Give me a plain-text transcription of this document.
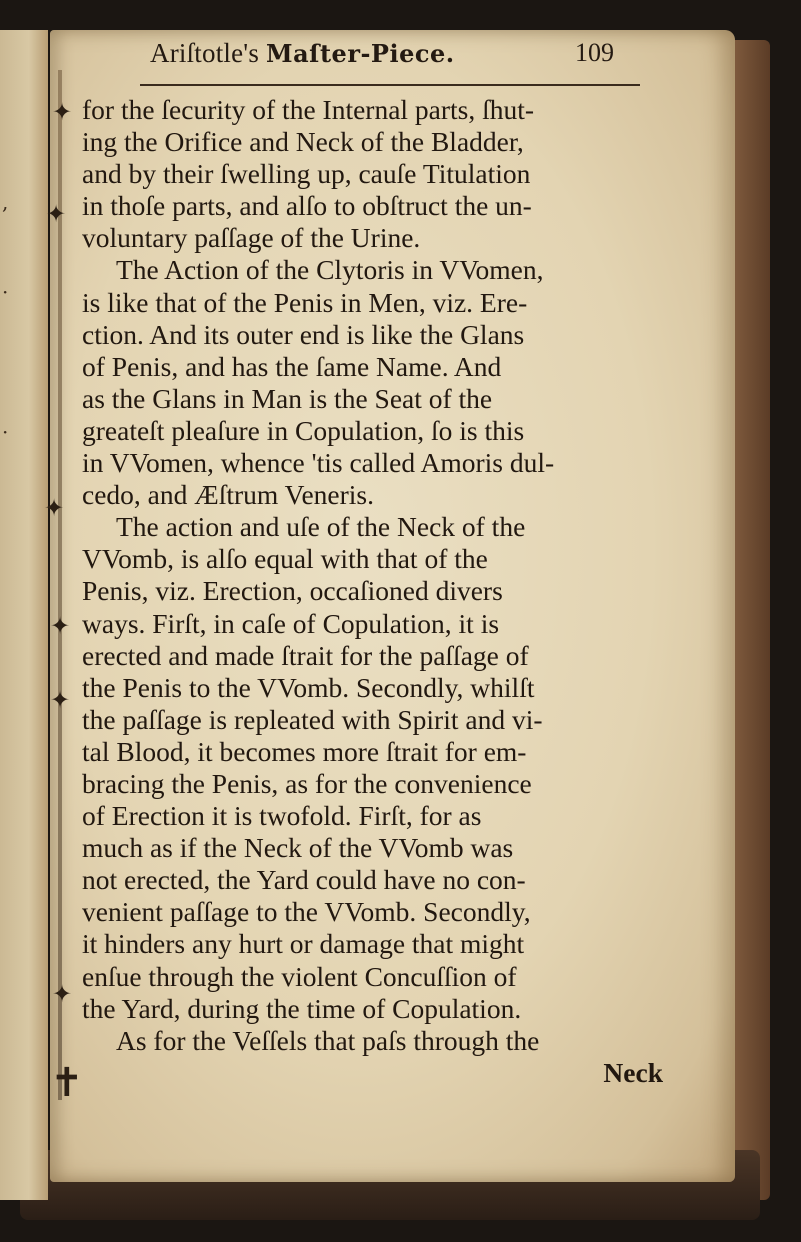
,
·
·
✦
✦
✦
✦
✦
✦
✝
Ariſtotle's Maſter-Piece.	109
for the ſecurity of the Internal parts, ſhut-
ing the Orifice and Neck of the Bladder,
and by their ſwelling up, cauſe Titulation
in thoſe parts, and alſo to obſtruct the un-
voluntary paſſage of the Urine.
The Action of the Clytoris in VVomen,
is like that of the Penis in Men, viz. Ere-
ction. And its outer end is like the Glans
of Penis, and has the ſame Name. And
as the Glans in Man is the Seat of the
greateſt pleaſure in Copulation, ſo is this
in VVomen, whence 'tis called Amoris dul-
cedo, and Æſtrum Veneris.
The action and uſe of the Neck of the
VVomb, is alſo equal with that of the
Penis, viz. Erection, occaſioned divers
ways. Firſt, in caſe of Copulation, it is
erected and made ſtrait for the paſſage of
the Penis to the VVomb. Secondly, whilſt
the paſſage is repleated with Spirit and vi-
tal Blood, it becomes more ſtrait for em-
bracing the Penis, as for the convenience
of Erection it is twofold. Firſt, for as
much as if the Neck of the VVomb was
not erected, the Yard could have no con-
venient paſſage to the VVomb. Secondly,
it hinders any hurt or damage that might
enſue through the violent Concuſſion of
the Yard, during the time of Copulation.
As for the Veſſels that paſs through the
Neck
